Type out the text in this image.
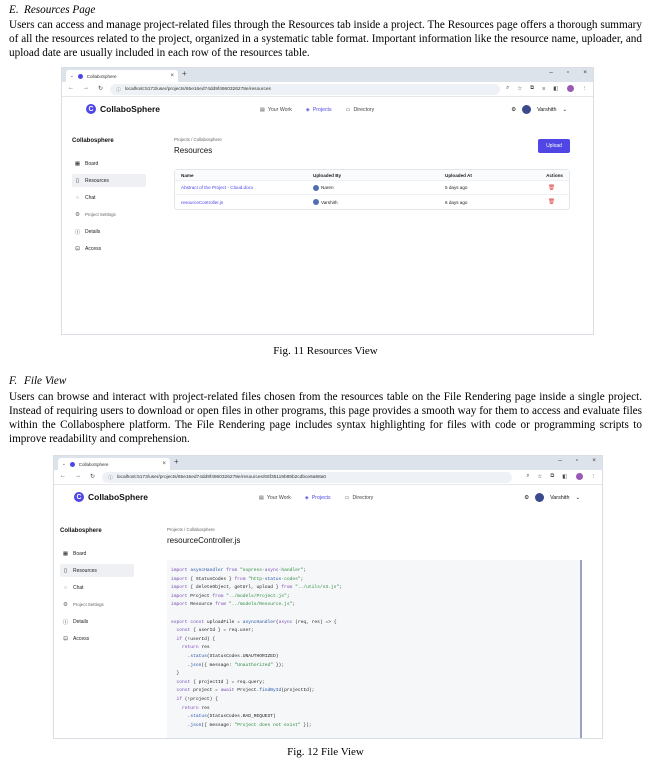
E. Resources Page
Users can access and manage project-related files through the Resources tab inside a project. The Resources page offers a thorough summary of all the resources related to the project, organized in a systematic table format. Important information like the resource name, uploader, and upload date are usually included in each row of the resources table.
⌄	CollaboSphere	× +	– ▫ ×
← → ↻	ⓘ localhost:5173/user/projects/65e16ed74dd9f4960326278e/resources	⌕ ☆ ⧉ ≡ ◧	⋮
C CollaboSphere	▤ Your Work	◈ Projects	▭ Directory	⚙	Varshith ⌄
Collabosphere
▦ Board
▯	Resources
◌	Chat
⚙ Project Settings
ⓘ Details
⊡ Access
Projects / Collabosphere
Resources	Upload
Name	Uploaded By	Uploaded At	Actions
Abstract of the Project - Cloud.docx	Naren	5 days ago	🗑
resourceController.js	Varshith	6 days ago	🗑
Fig. 11 Resources View
F. File View
Users can browse and interact with project-related files chosen from the resources table on the File Rendering page inside a single project. Instead of requiring users to download or open files in other programs, this page provides a smooth way for them to access and evaluate files within the Collabosphere platform. The File Rendering page includes syntax highlighting for files with code or programming scripts to improve readability and comprehension.
⌄	CollaboSphere	× +	– ▫ ×
← → ↻	ⓘ localhost:5173/user/projects/65e16ed74dd9f4960326278e/resources/65f35119b89b2cdbce6a98a0	⌕ ☆ ⧉ ◧	⋮
C CollaboSphere	▤ Your Work	◈ Projects	▭ Directory	⚙	Varshith ⌄
Collabosphere
▦ Board
▯	Resources
◌	Chat
⚙ Project Settings
ⓘ Details
⊡ Access
Projects / Collabosphere
resourceController.js
import asyncHandler from "express-async-handler";
import { StatusCodes } from "http-status-codes";
import { deleteObject, getUrl, upload } from "../utils/s3.js";
import Project from "../models/Project.js";
import Resource from "../models/Resource.js";

export const uploadFile = asyncHandler(async (req, res) => {
const { userId } = req.user;
if (!userId) {
return res
.status(StatusCodes.UNAUTHORIZED)
.json({ message: "Unauthorized" });
}
const { projectId } = req.query;
const project = await Project.findById(projectId);
if (!project) {
return res
.status(StatusCodes.BAD_REQUEST)
.json({ message: "Project does not exist" });
Fig. 12 File View
